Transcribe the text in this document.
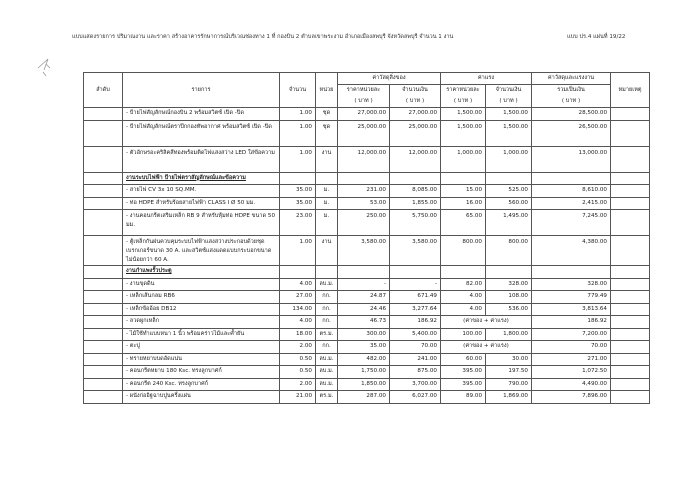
แบบแสดงรายการ ปริมาณงาน และราคา สร้างอาคารรักษาการณ์บริเวณช่องทาง 1 ที่ กองบิน 2 ตำบลเขาพระงาม อำเภอเมืองลพบุรี จังหวัดลพบุรี จำนวน 1 งาน	แบบ ปร.4 แผ่นที่ 19/22
ลำดับ	รายการ	จำนวน	หน่วย	ค่าวัสดุสิ่งของ		ค่าแรง		ค่าวัสดุและแรงงาน	หมายเหตุ
				ราคาหน่วยละ	จำนวนเงิน	ราคาหน่วยละ	จำนวนเงิน	รวมเป็นเงิน	
				( บาท )	( บาท )	( บาท )	( บาท )	( บาท )	
	- ป้ายไฟสัญลักษณ์กองบิน 2 พร้อมสวิตซ์ เปิด -ปิด	1.00	ชุด	27,000.00	27,000.00	1,500.00	1,500.00	28,500.00	
	- ป้ายไฟสัญลักษณ์ตราปีกกองทัพอากาศ พร้อมสวิตซ์ เปิด -ปิด	1.00	ชุด	25,000.00	25,000.00	1,500.00	1,500.00	26,500.00	
	- ตัวอักษรอะคริลิคสีทองพร้อมติดไฟแสงสว่าง LED ใส่ข้อความ	1.00	งาน	12,000.00	12,000.00	1,000.00	1,000.00	13,000.00	
	งานระบบไฟฟ้า ป้ายไฟตราสัญลักษณ์และข้อความ								
	- สายไฟ CV 3x 10 SQ.MM.	35.00	ม.	231.00	8,085.00	15.00	525.00	8,610.00	
	- ท่อ HDPE สำหรับร้อยสายไฟฟ้า CLASS I Ø 50 มม.	35.00	ม.	53.00	1,855.00	16.00	560.00	2,415.00	
	- งานคอนกรีตเสริมเหล็ก RB 9 สำหรับหุ้มท่อ HDPE ขนาด 50 มม.	23.00	ม.	250.00	5,750.00	65.00	1,495.00	7,245.00	
	- ตู้เหล็กกันฝนควบคุมระบบไฟฟ้าแสงสว่างประกอบด้วยชุดเบรกเกอร์ขนาด 30 A. และสวิตซ์แสงแดดแบบกระบอกขนาดไม่น้อยกว่า 60 A.	1.00	งาน	3,580.00	3,580.00	800.00	800.00	4,380.00	
	งานกำแพงรั้วประตู								
	- งานขุดดิน	4.00	ลบ.ม.	-	-	82.00	328.00	328.00	
	- เหล็กเส้นกลม RB6	27.00	กก.	24.87	671.49	4.00	108.00	779.49	
	- เหล็กข้ออ้อย DB12	134.00	กก.	24.46	3,277.64	4.00	536.00	3,813.64	
	- ลวดผูกเหล็ก	4.00	กก.	46.73	186.92	(ค่าของ + ค่าแรง)		186.92	
	- ไม้ใช้ทำแบบหนา 1 นิ้ว พร้อมคร่าวไม้และค้ำยัน	18.00	ตร.ม.	300.00	5,400.00	100.00	1,800.00	7,200.00	
	- ตะปู	2.00	กก.	35.00	70.00	(ค่าของ + ค่าแรง)		70.00	
	- ทรายหยาบบดอัดแน่น	0.50	ลบ.ม.	482.00	241.00	60.00	30.00	271.00	
	- คอนกรีตหยาบ 180 Ksc. ทรงลูกบาศก์	0.50	ลบ.ม.	1,750.00	875.00	395.00	197.50	1,072.50	
	- คอนกรีต 240 Ksc. ทรงลูกบาศก์	2.00	ลบ.ม.	1,850.00	3,700.00	395.00	790.00	4,490.00	
	- ผนังก่ออิฐฉาบปูนครึ่งแผ่น	21.00	ตร.ม.	287.00	6,027.00	89.00	1,869.00	7,896.00	
